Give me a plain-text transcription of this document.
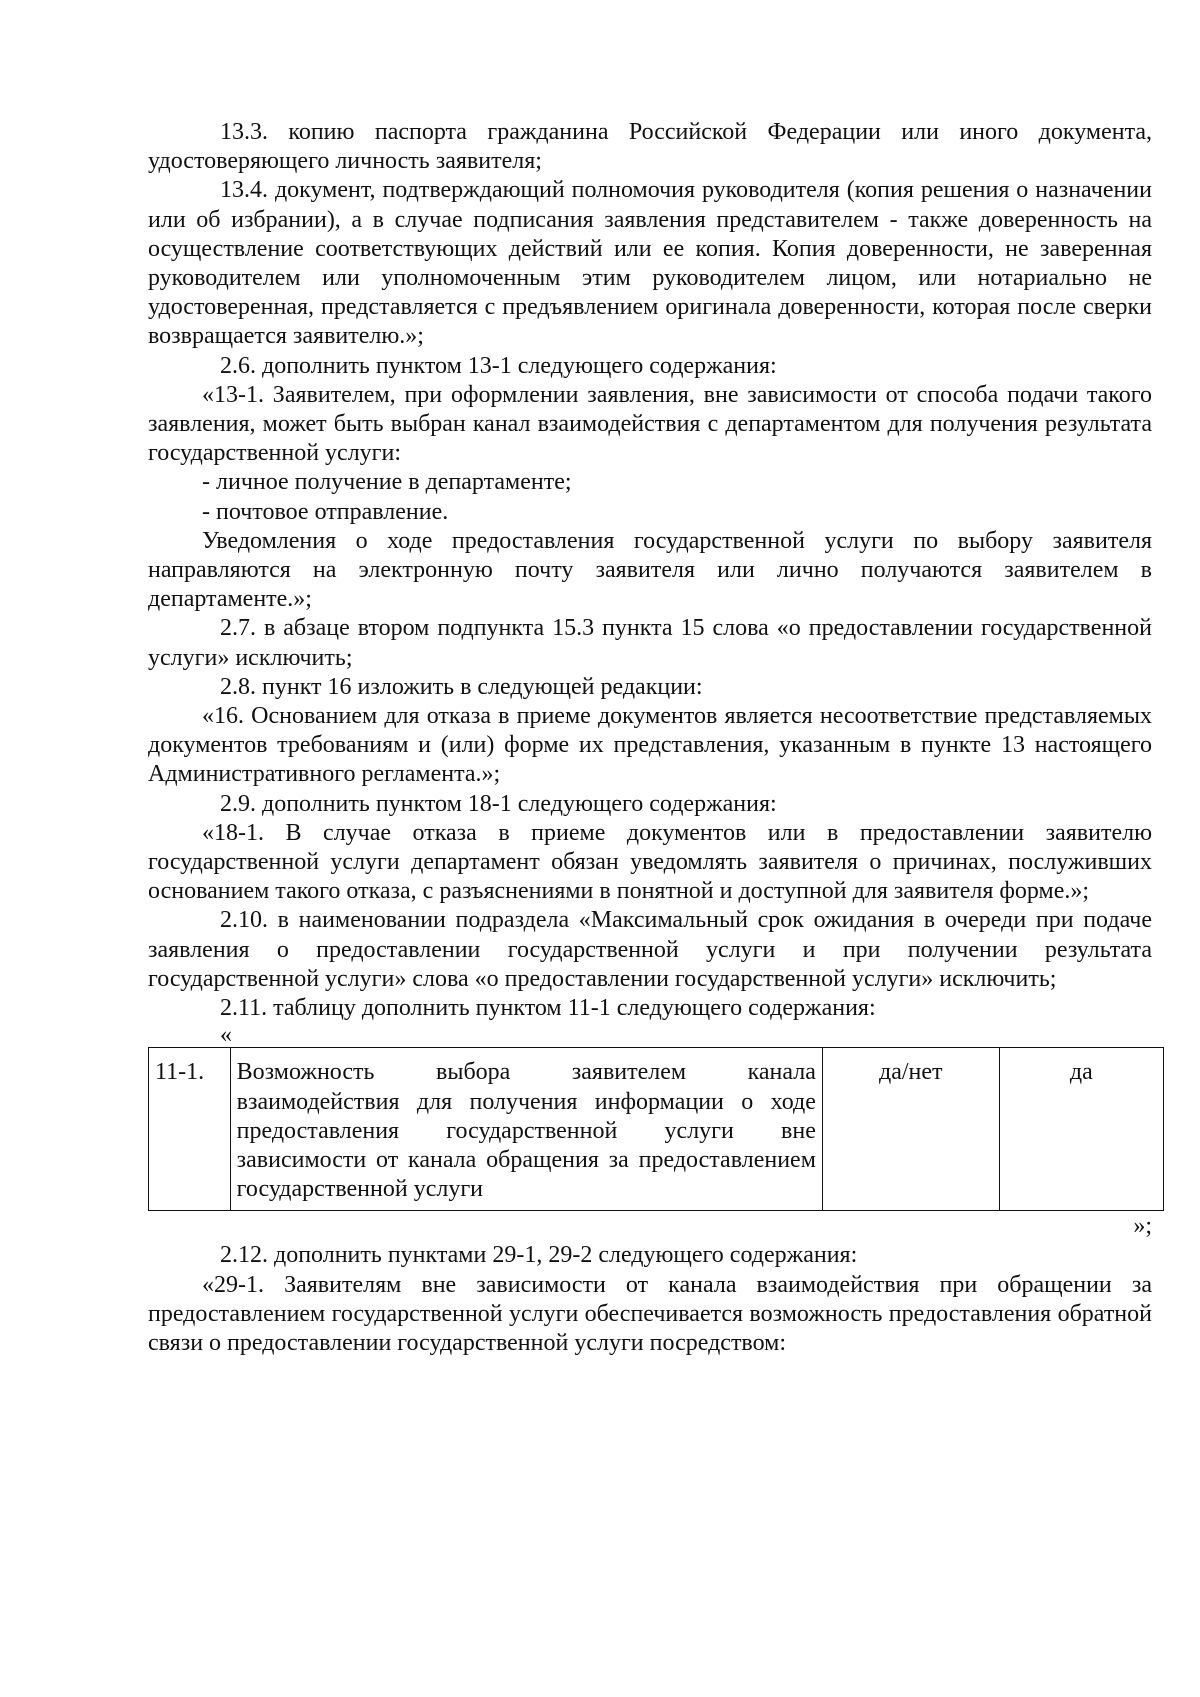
13.3. копию паспорта гражданина Российской Федерации или иного документа, удостоверяющего личность заявителя;

13.4. документ, подтверждающий полномочия руководителя (копия решения о назначении или об избрании), а в случае подписания заявления представителем - также доверенность на осуществление соответствующих действий или ее копия. Копия доверенности, не заверенная руководителем или уполномоченным этим руководителем лицом, или нотариально не удостоверенная, представляется с предъявлением оригинала доверенности, которая после сверки возвращается заявителю.»;

2.6. дополнить пунктом 13-1 следующего содержания:

«13-1. Заявителем, при оформлении заявления, вне зависимости от способа подачи такого заявления, может быть выбран канал взаимодействия с департаментом для получения результата государственной услуги:

- личное получение в департаменте;

- почтовое отправление.

Уведомления о ходе предоставления государственной услуги по выбору заявителя направляются на электронную почту заявителя или лично получаются заявителем в департаменте.»;

2.7. в абзаце втором подпункта 15.3 пункта 15 слова «о предоставлении государственной услуги» исключить;

2.8. пункт 16 изложить в следующей редакции:

«16. Основанием для отказа в приеме документов является несоответствие представляемых документов требованиям и (или) форме их представления, указанным в пункте 13 настоящего Административного регламента.»;

2.9. дополнить пунктом 18-1 следующего содержания:

«18-1. В случае отказа в приеме документов или в предоставлении заявителю государственной услуги департамент обязан уведомлять заявителя о причинах, послуживших основанием такого отказа, с разъяснениями в понятной и доступной для заявителя форме.»;

2.10. в наименовании подраздела «Максимальный срок ожидания в очереди при подаче заявления о предоставлении государственной услуги и при получении результата государственной услуги» слова «о предоставлении государственной услуги» исключить;

2.11. таблицу дополнить пунктом 11-1 следующего содержания:

«

11-1.	Возможность выбора заявителем канала взаимодействия для получения информации о ходе предоставления государственной услуги вне зависимости от канала обращения за предоставлением государственной услуги	да/нет	да

»;

2.12. дополнить пунктами 29-1, 29-2 следующего содержания:

«29-1. Заявителям вне зависимости от канала взаимодействия при обращении за предоставлением государственной услуги обеспечивается возможность предоставления обратной связи о предоставлении государственной услуги посредством:
